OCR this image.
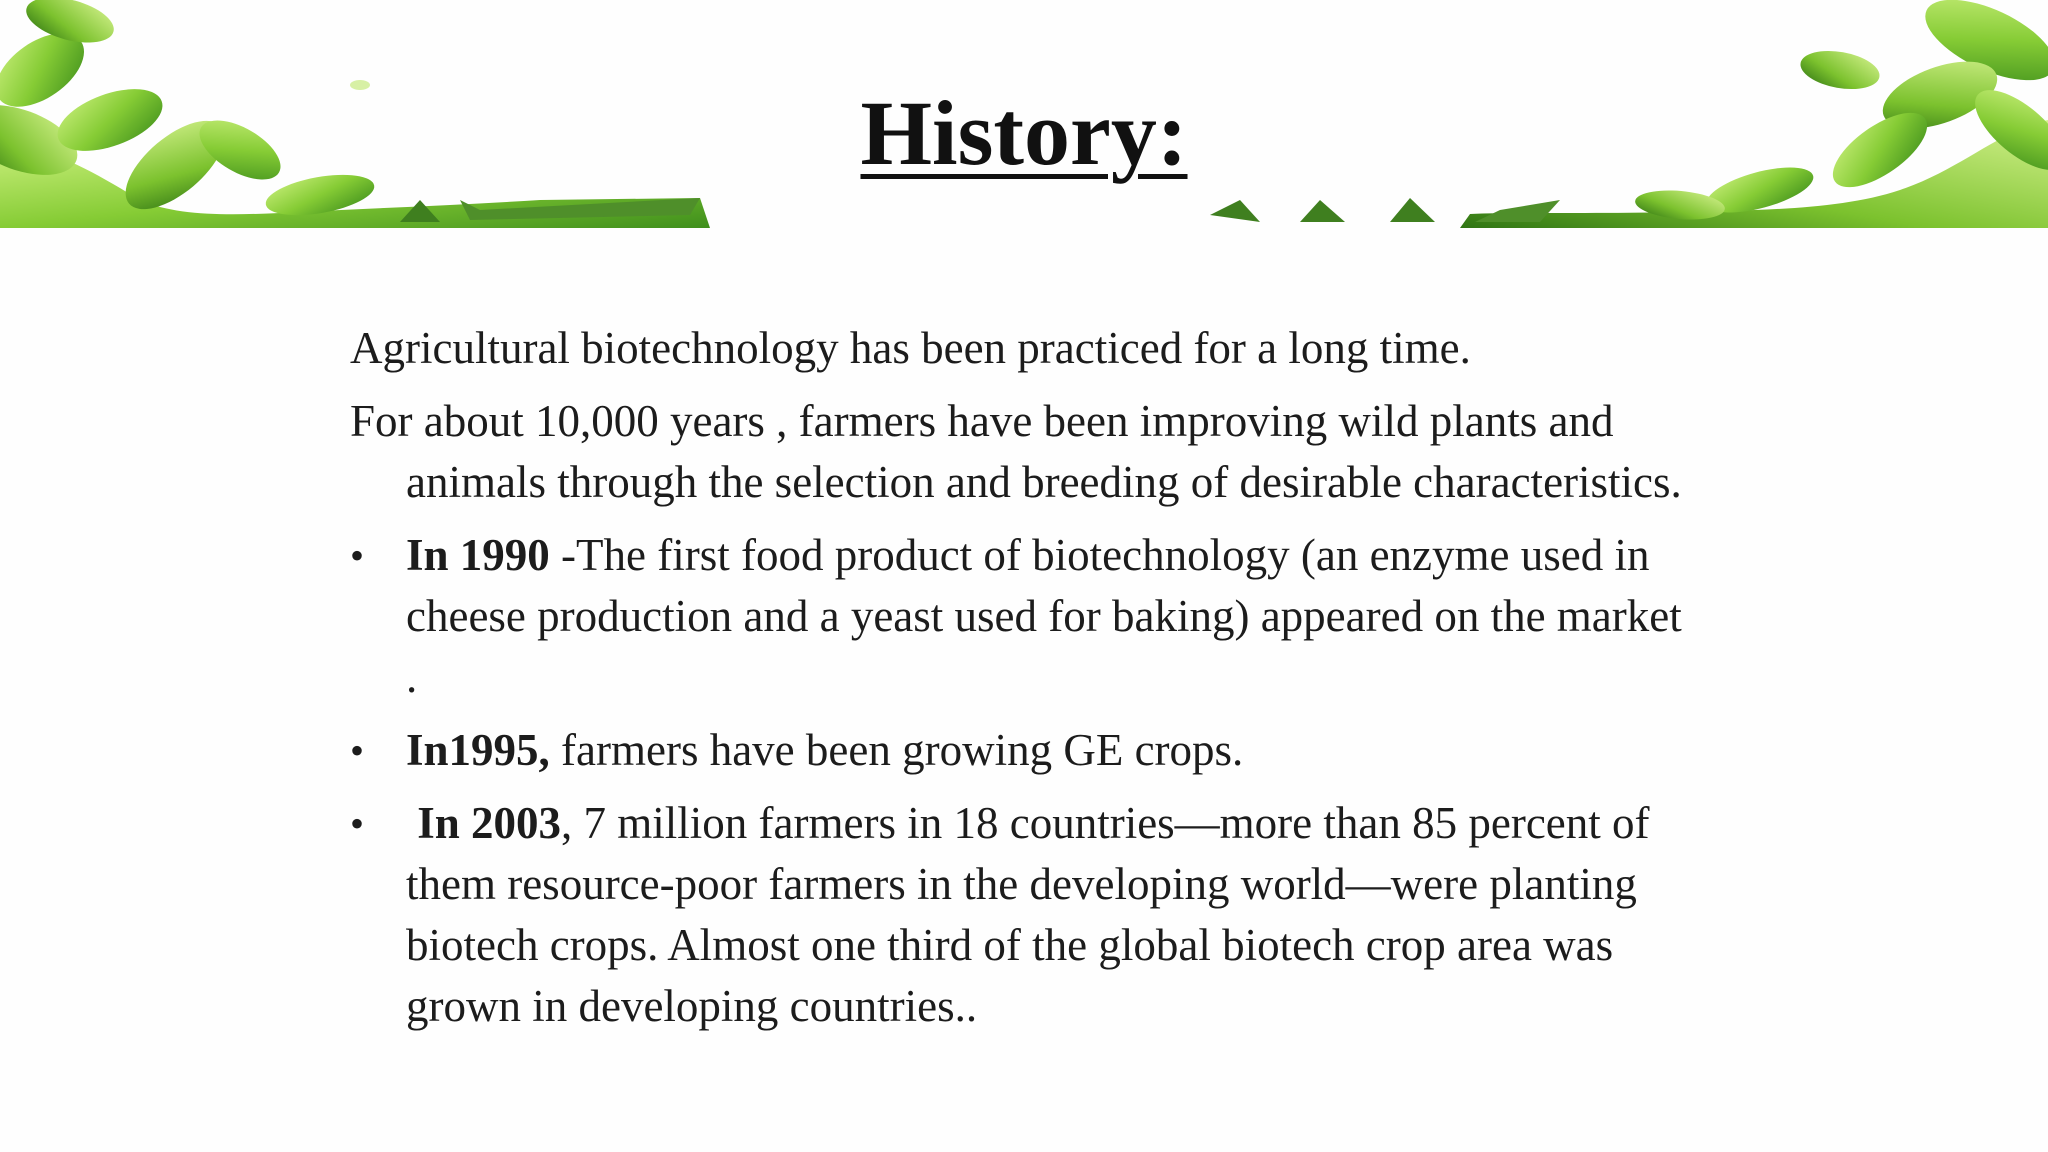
History:

Agricultural biotechnology has been practiced for a long time.

For about 10,000 years , farmers have been improving wild plants and animals through the selection and breeding of desirable characteristics.

• In 1990 -The first food product of biotechnology (an enzyme used in cheese production and a yeast used for baking) appeared on the market .
• In1995, farmers have been growing GE crops.
• In 2003, 7 million farmers in 18 countries—more than 85 percent of them resource-poor farmers in the developing world—were planting biotech crops. Almost one third of the global biotech crop area was grown in developing countries..
